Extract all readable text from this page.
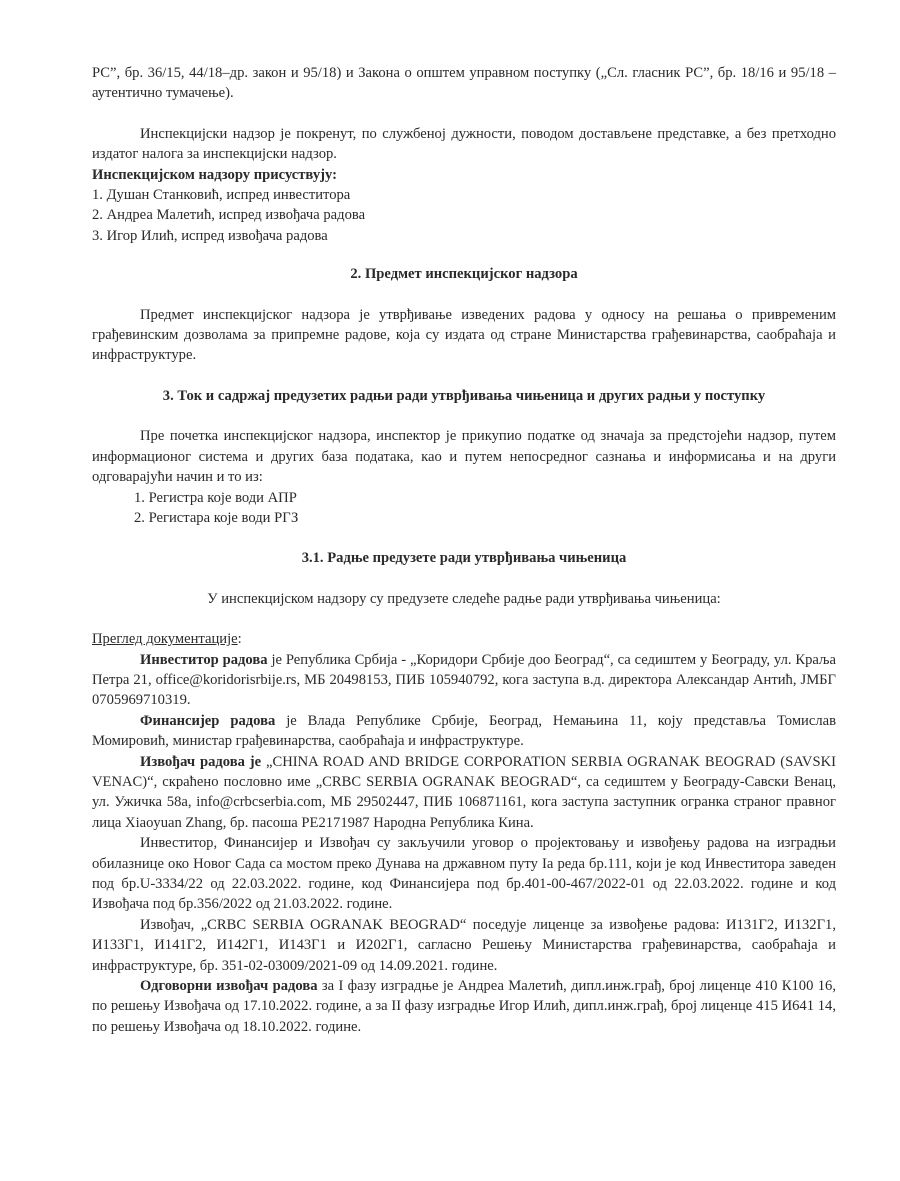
РС”, бр. 36/15, 44/18–др. закон и 95/18) и Закона о општем управном поступку („Сл. гласник РС”, бр. 18/16 и 95/18 – аутентично тумачење).

Инспекцијски надзор је покренут, по службеној дужности, поводом достављене представке, а без претходно издатог налога за инспекцијски надзор.

Инспекцијском надзору присуствују:

1. Душан Станковић, испред инвеститора
2. Андреа Малетић, испред извођача радова
3. Игор Илић, испред извођача радова

2. Предмет инспекцијског надзора

Предмет инспекцијског надзора је утврђивање изведених радова у односу на решања о привременим грађевинским дозволама за припремне радове, која су издата од стране Министарства грађевинарства, саобраћаја и инфраструктуре.

3. Ток и садржај предузетих радњи ради утврђивања чињеница и других радњи у поступку

Пре почетка инспекцијског надзора, инспектор је прикупио податке од значаја за предстојећи надзор, путем информационог система и других база података, као и путем непосредног сазнања и информисања и на други одговарајући начин и то из:

1. Регистра које води АПР
2. Регистара које води РГЗ

3.1. Радње предузете ради утврђивања чињеница

У инспекцијском надзору су предузете следеће радње ради утврђивања чињеница:

Преглед документације:

Инвеститор радова је Република Србија - „Коридори Србије доо Београд“, са седиштем у Београду, ул. Краља Петра 21, office@koridorisrbije.rs, МБ 20498153, ПИБ 105940792, кога заступа в.д. директора Александар Антић, ЈМБГ 0705969710319.

Финансијер радова је Влада Републике Србије, Београд, Немањина 11, коју представља Томислав Момировић, министар грађевинарства, саобраћаја и инфраструктуре.

Извођач радова је „CHINA ROAD AND BRIDGE CORPORATION SERBIA OGRANAK BEOGRAD (SAVSKI VENAC)“, скраћено пословно име „CRBC SERBIA OGRANAK BEOGRAD“, са седиштем у Београду-Савски Венац, ул. Ужичка 58а, info@crbcserbia.com, МБ 29502447, ПИБ 106871161, кога заступа заступник огранка страног правног лица Xiaoyuan Zhang, бр. пасоша PE2171987 Народна Република Кина.

Инвеститор, Финансијер и Извођач су закључили уговор о пројектовању и извођењу радова на изградњи обилазнице око Новог Сада са мостом преко Дунава на државном путу Iа реда бр.111, који је код Инвеститора заведен под бр.U-3334/22 од 22.03.2022. године, код Финансијера под бр.401-00-467/2022-01 од 22.03.2022. године и код Извођача под бр.356/2022 од 21.03.2022. године.

Извођач, „CRBC SERBIA OGRANAK BEOGRAD“ поседује лиценце за извођење радова: И131Г2, И132Г1, И133Г1, И141Г2, И142Г1, И143Г1 и И202Г1, сагласно Решењу Министарства грађевинарства, саобраћаја и инфраструктуре, бр. 351-02-03009/2021-09 од 14.09.2021. године.

Одговорни извођач радова за I фазу изградње је Андреа Малетић, дипл.инж.грађ, број лиценце 410 К100 16, по решењу Извођача од 17.10.2022. године, а за II фазу изградње Игор Илић, дипл.инж.грађ, број лиценце 415 И641 14, по решењу Извођача од 18.10.2022. године.
